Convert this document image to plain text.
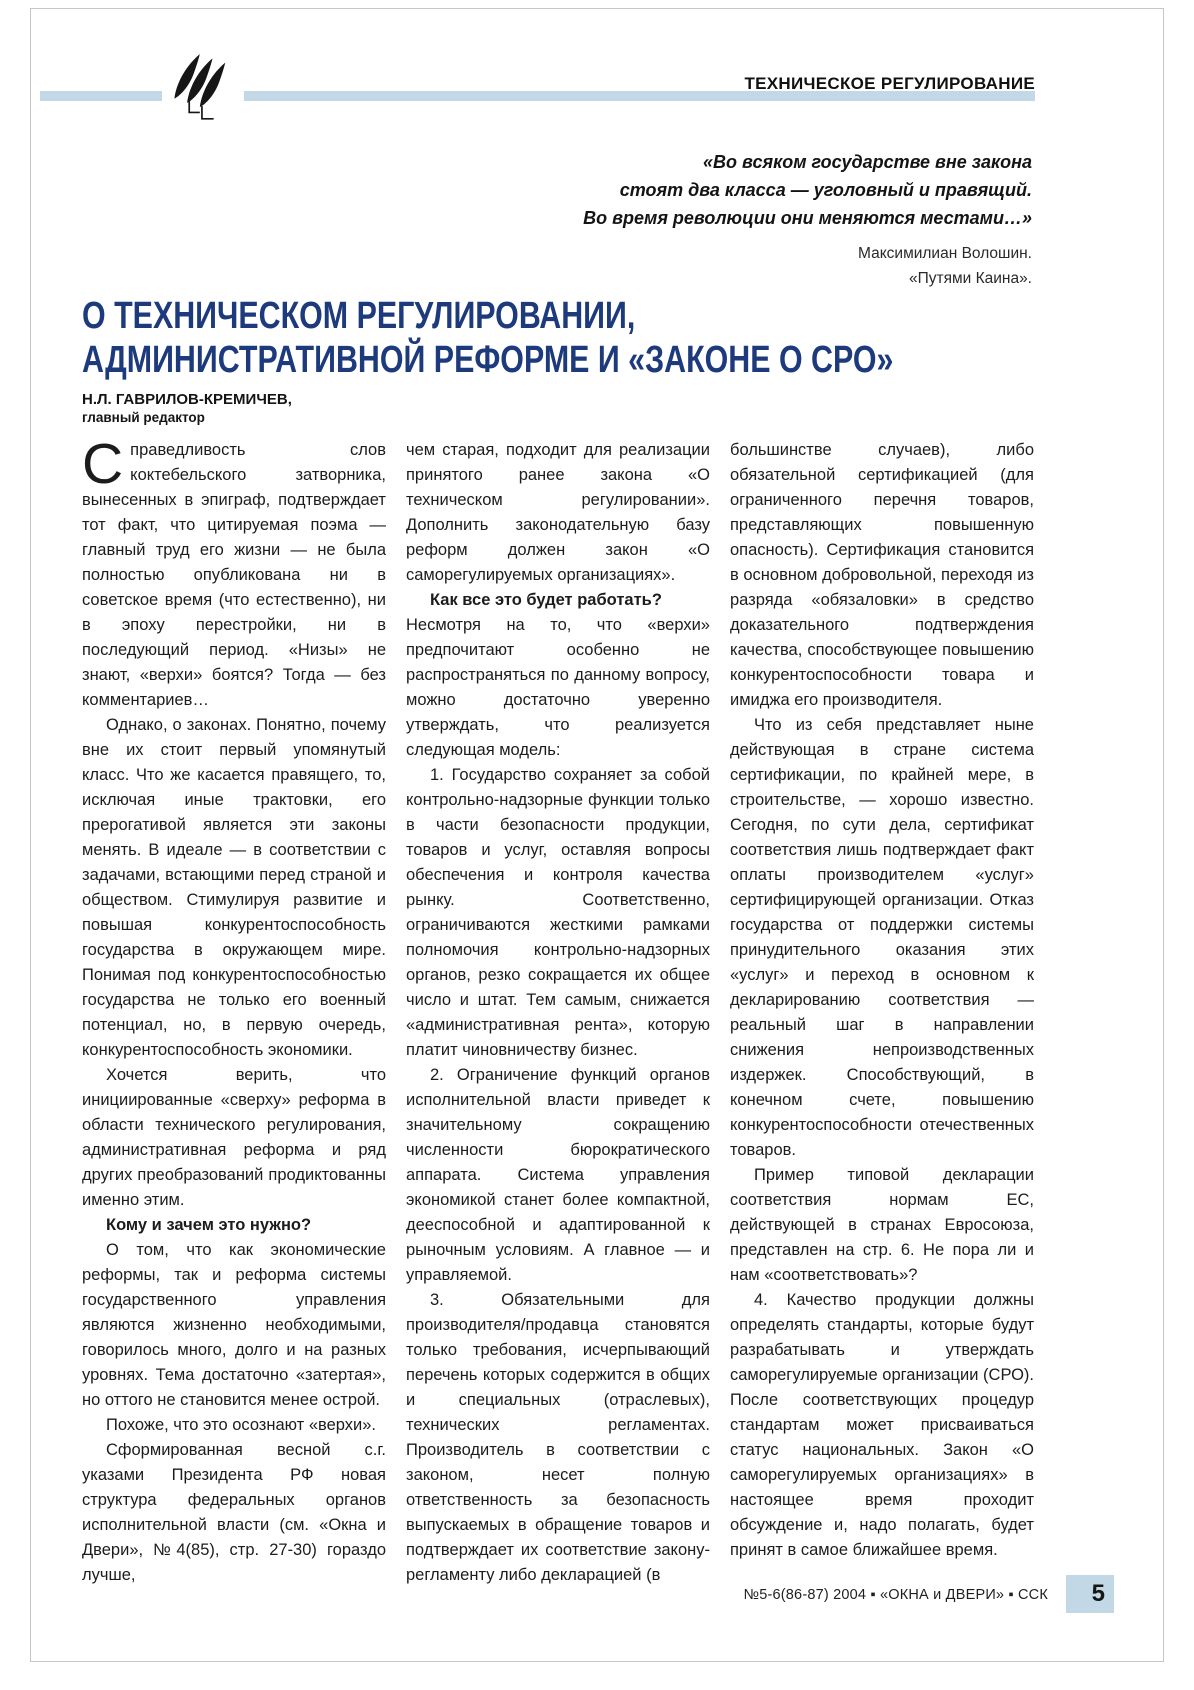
ТЕХНИЧЕСКОЕ РЕГУЛИРОВАНИЕ
«Во всяком государстве вне закона
стоят два класса — уголовный и правящий.
Во время революции они меняются местами…»
Максимилиан Волошин.
«Путями Каина».
О ТЕХНИЧЕСКОМ РЕГУЛИРОВАНИИ,
АДМИНИСТРАТИВНОЙ РЕФОРМЕ И «ЗАКОНЕ О СРО»
Н.Л. ГАВРИЛОВ-КРЕМИЧЕВ,
главный редактор

Справедливость слов коктебельского затворника, вынесенных в эпиграф, подтверждает тот факт, что цитируемая поэма — главный труд его жизни — не была полностью опубликована ни в советское время (что естественно), ни в эпоху перестройки, ни в последующий период. «Низы» не знают, «верхи» боятся? Тогда — без комментариев…

Однако, о законах. Понятно, почему вне их стоит первый упомянутый класс. Что же касается правящего, то, исключая иные трактовки, его прерогативой является эти законы менять. В идеале — в соответствии с задачами, встающими перед страной и обществом. Стимулируя развитие и повышая конкурентоспособность государства в окружающем мире. Понимая под конкурентоспособностью государства не только его военный потенциал, но, в первую очередь, конкурентоспособность экономики.

Хочется верить, что инициированные «сверху» реформа в области технического регулирования, административная реформа и ряд других преобразований продиктованны именно этим.

Кому и зачем это нужно?

О том, что как экономические реформы, так и реформа системы государственного управления являются жизненно необходимыми, говорилось много, долго и на разных уровнях. Тема достаточно «затертая», но оттого не становится менее острой.

Похоже, что это осознают «верхи».

Сформированная весной с.г. указами Президента РФ новая структура федеральных органов исполнительной власти (см. «Окна и Двери», №4(85), стр. 27-30) гораздо лучше,

чем старая, подходит для реализации принятого ранее закона «О техническом регулировании». Дополнить законодательную базу реформ должен закон «О саморегулируемых организациях».

Как все это будет работать?

Несмотря на то, что «верхи» предпочитают особенно не распространяться по данному вопросу, можно достаточно уверенно утверждать, что реализуется следующая модель:

1. Государство сохраняет за собой контрольно-надзорные функции только в части безопасности продукции, товаров и услуг, оставляя вопросы обеспечения и контроля качества рынку. Соответственно, ограничиваются жесткими рамками полномочия контрольно-надзорных органов, резко сокращается их общее число и штат. Тем самым, снижается «административная рента», которую платит чиновничеству бизнес.

2. Ограничение функций органов исполнительной власти приведет к значительному сокращению численности бюрократического аппарата. Система управления экономикой станет более компактной, дееспособной и адаптированной к рыночным условиям. А главное — и управляемой.

3. Обязательными для производителя/продавца становятся только требования, исчерпывающий перечень которых содержится в общих и специальных (отраслевых), технических регламентах. Производитель в соответствии с законом, несет полную ответственность за безопасность выпускаемых в обращение товаров и подтверждает их соответствие закону-регламенту либо декларацией (в

большинстве случаев), либо обязательной сертификацией (для ограниченного перечня товаров, представляющих повышенную опасность). Сертификация становится в основном добровольной, переходя из разряда «обязаловки» в средство доказательного подтверждения качества, способствующее повышению конкурентоспособности товара и имиджа его производителя.

Что из себя представляет ныне действующая в стране система сертификации, по крайней мере, в строительстве, — хорошо известно. Сегодня, по сути дела, сертификат соответствия лишь подтверждает факт оплаты производителем «услуг» сертифицирующей организации. Отказ государства от поддержки системы принудительного оказания этих «услуг» и переход в основном к декларированию соответствия — реальный шаг в направлении снижения непроизводственных издержек. Способствующий, в конечном счете, повышению конкурентоспособности отечественных товаров.

Пример типовой декларации соответствия нормам ЕС, действующей в странах Евросоюза, представлен на стр. 6. Не пора ли и нам «соответствовать»?

4. Качество продукции должны определять стандарты, которые будут разрабатывать и утверждать саморегулируемые организации (СРО). После соответствующих процедур стандартам может присваиваться статус национальных. Закон «О саморегулируемых организациях» в настоящее время проходит обсуждение и, надо полагать, будет принят в самое ближайшее время.

№5-6(86-87) 2004 ▪ «ОКНА и ДВЕРИ» ▪ ССК 5
